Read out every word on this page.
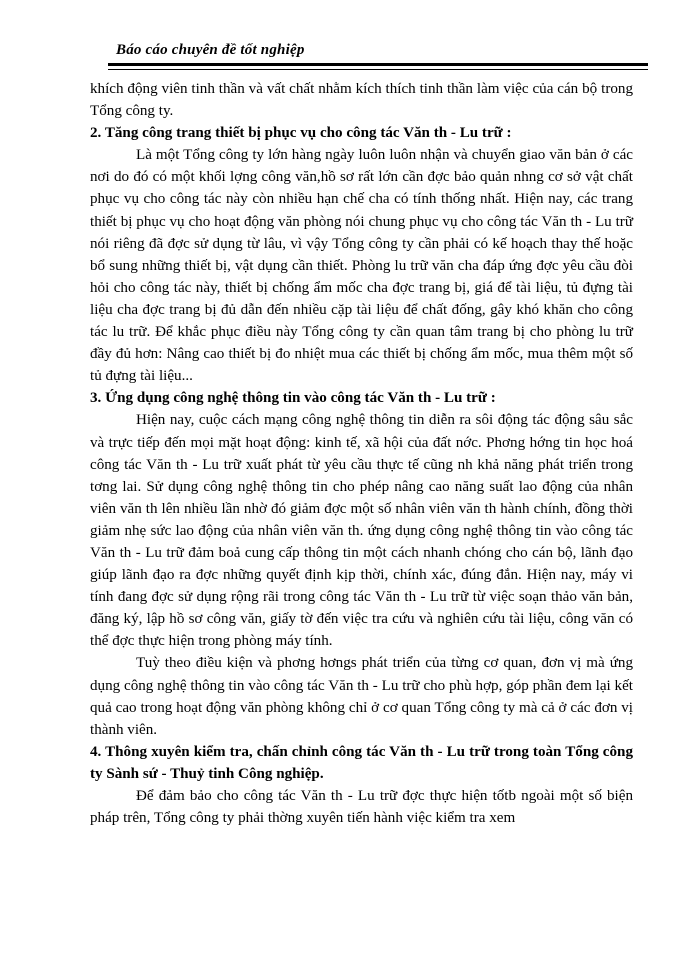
Báo cáo chuyên đề tốt nghiệp

khích động viên tinh thần và vất chất nhằm kích thích tinh thần làm việc của cán bộ trong Tổng công ty.

2. Tăng công trang thiết bị phục vụ cho công tác Văn th - Lu trữ :

Là một Tổng công ty lớn hàng ngày luôn luôn nhận và chuyển giao văn bản ở các nơi do đó có một khối lợng công văn,hồ sơ rất lớn cần đợc bảo quản nhng cơ sở vật chất phục vụ cho công tác này còn nhiều hạn chế cha có tính thống nhất. Hiện nay, các trang thiết bị phục vụ cho hoạt động văn phòng nói chung phục vụ cho công tác Văn th - Lu trữ nói riêng đã đợc sử dụng từ lâu, vì vậy Tổng công ty cần phải có kế hoạch thay thế hoặc bổ sung những thiết bị, vật dụng cần thiết. Phòng lu trữ văn cha đáp ứng đợc yêu cầu đòi hỏi cho công tác này, thiết bị chống ẩm mốc cha đợc trang bị, giá để tài liệu, tủ đựng tài liệu cha đợc trang bị đủ dẫn đến nhiều cặp tài liệu để chất đống, gây khó khăn cho công tác lu trữ. Để khắc phục điều này Tổng công ty cần quan tâm trang bị cho phòng lu trữ đầy đủ hơn: Nâng cao thiết bị đo nhiệt mua các thiết bị chống ẩm mốc, mua thêm một số tủ đựng tài liệu...

3. Ứng dụng công nghệ thông tin vào công tác Văn th - Lu trữ :

Hiện nay, cuộc cách mạng công nghệ thông tin diễn ra sôi động tác động sâu sắc và trực tiếp đến mọi mặt hoạt động: kinh tế, xã hội của đất nớc. Phơng hớng tin học hoá công tác Văn th - Lu trữ xuất phát từ yêu cầu thực tế cũng nh khả năng phát triển trong tơng lai. Sử dụng công nghệ thông tin cho phép nâng cao năng suất lao động của nhân viên văn th lên nhiều lần nhờ đó giảm đợc một số nhân viên văn th hành chính, đồng thời giảm nhẹ sức lao động của nhân viên văn th. ứng dụng công nghệ thông tin vào công tác Văn th - Lu trữ đảm boả cung cấp thông tin một cách nhanh chóng cho cán bộ, lãnh đạo giúp lãnh đạo ra đợc những quyết định kịp thời, chính xác, đúng đắn. Hiện nay, máy vi tính đang đợc sử dụng rộng rãi trong công tác Văn th - Lu trữ từ việc soạn thảo văn bản, đăng ký, lập hồ sơ công văn, giấy tờ đến việc tra cứu và nghiên cứu tài liệu, công văn có thể đợc thực hiện trong phòng máy tính.

Tuỳ theo điều kiện và phơng hơngs phát triển của từng cơ quan, đơn vị mà ứng dụng công nghệ thông tin vào công tác Văn th - Lu trữ cho phù hợp, góp phần đem lại kết quả cao trong hoạt động văn phòng không chỉ ở cơ quan Tổng công ty mà cả ở các đơn vị thành viên.

4. Thông xuyên kiểm tra, chấn chỉnh công tác Văn th - Lu trữ trong toàn Tổng công ty Sành sứ - Thuỷ tinh Công nghiệp.

Để đảm bảo cho công tác Văn th - Lu trữ đợc thực hiện tốtb ngoài một số biện pháp trên, Tổng công ty phải thờng xuyên tiến hành việc kiểm tra xem
